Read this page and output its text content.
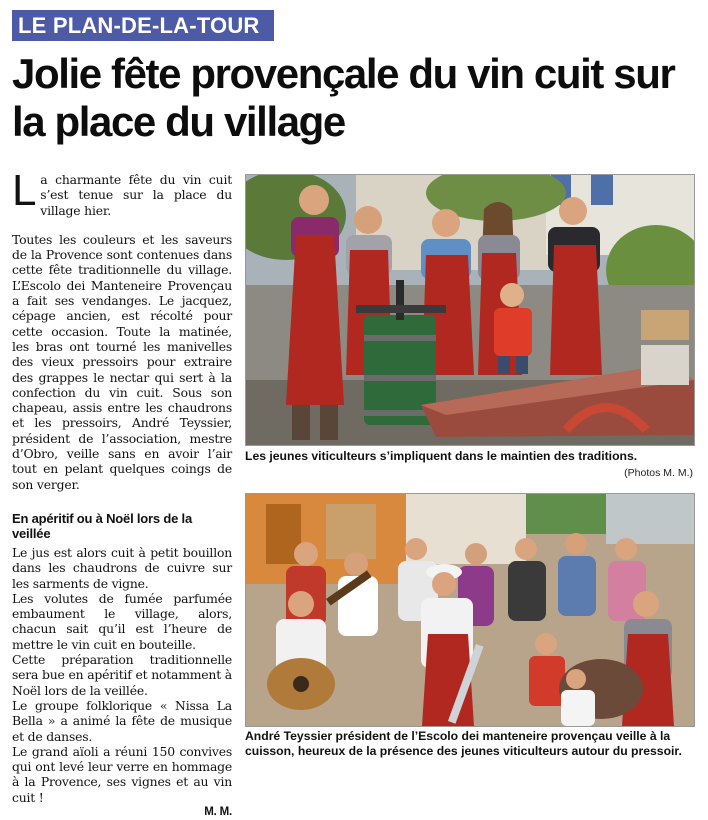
LE PLAN-DE-LA-TOUR
Jolie fête provençale du vin cuit sur la place du village

La charmante fête du vin cuit s’est tenue sur la place du village hier.

Toutes les couleurs et les saveurs de la Provence sont contenues dans cette fête traditionnelle du village. L’Escolo dei Manteneire Provençau a fait ses vendanges. Le jacquez, cépage ancien, est récolté pour cette occasion. Toute la matinée, les bras ont tourné les manivelles des vieux pressoirs pour extraire des grappes le nectar qui sert à la confection du vin cuit. Sous son chapeau, assis entre les chaudrons et les pressoirs, André Teyssier, président de l’association, mestre d’Obro, veille sans en avoir l’air tout en pelant quelques coings de son verger.

En apéritif ou à Noël lors de la veillée

Le jus est alors cuit à petit bouillon dans les chaudrons de cuivre sur les sarments de vigne.

Les volutes de fumée parfumée embaument le village, alors, chacun sait qu’il est l’heure de mettre le vin cuit en bouteille.

Cette préparation traditionnelle sera bue en apéritif et notamment à Noël lors de la veillée.

Le groupe folklorique « Nissa La Bella » a animé la fête de musique et de danses.

Le grand aïoli a réuni 150 convives qui ont levé leur verre en hommage à la Provence, ses vignes et au vin cuit !

M. M.

Les jeunes viticulteurs s’impliquent dans le maintien des traditions.
(Photos M. M.)
André Teyssier président de l’Escolo dei manteneire provençau veille à la cuisson, heureux de la présence des jeunes viticulteurs autour du pressoir.
